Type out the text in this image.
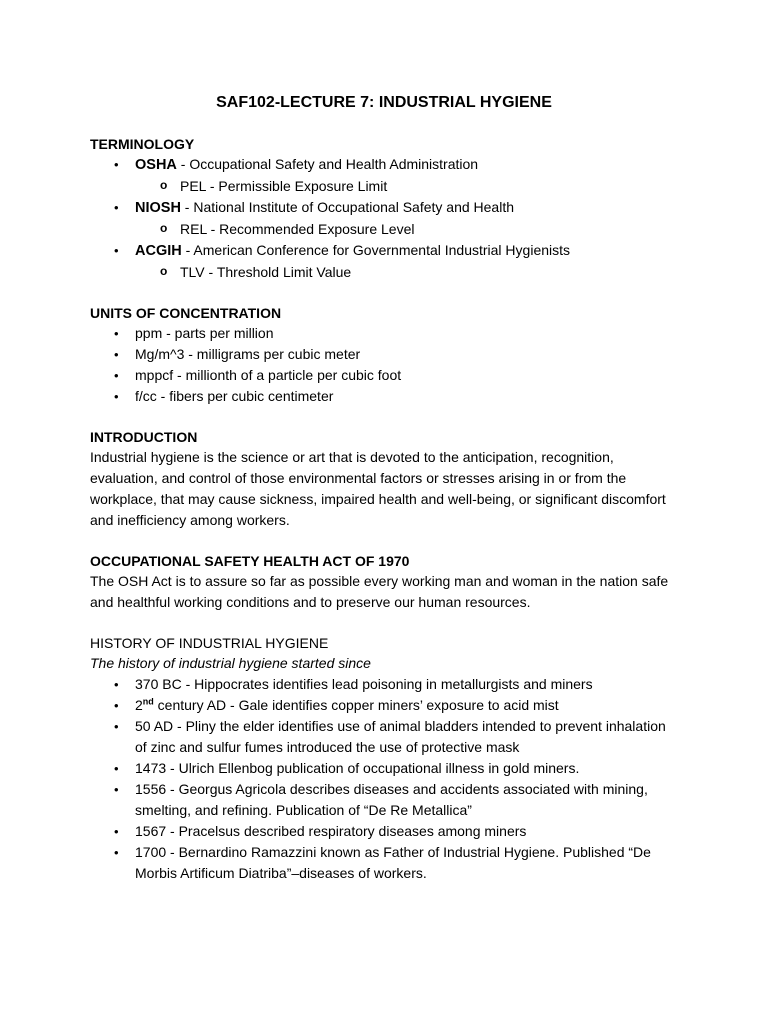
SAF102-LECTURE 7: INDUSTRIAL HYGIENE
TERMINOLOGY
• OSHA - Occupational Safety and Health Administration
o PEL - Permissible Exposure Limit
• NIOSH - National Institute of Occupational Safety and Health
o REL - Recommended Exposure Level
• ACGIH - American Conference for Governmental Industrial Hygienists
o TLV - Threshold Limit Value
UNITS OF CONCENTRATION
• ppm - parts per million
• Mg/m^3 - milligrams per cubic meter
• mppcf - millionth of a particle per cubic foot
• f/cc - fibers per cubic centimeter
INTRODUCTION

Industrial hygiene is the science or art that is devoted to the anticipation, recognition, evaluation, and control of those environmental factors or stresses arising in or from the workplace, that may cause sickness, impaired health and well-being, or significant discomfort and inefficiency among workers.

OCCUPATIONAL SAFETY HEALTH ACT OF 1970

The OSH Act is to assure so far as possible every working man and woman in the nation safe and healthful working conditions and to preserve our human resources.

HISTORY OF INDUSTRIAL HYGIENE

The history of industrial hygiene started since

• 370 BC - Hippocrates identifies lead poisoning in metallurgists and miners
• 2nd century AD - Gale identifies copper miners’ exposure to acid mist
• 50 AD - Pliny the elder identifies use of animal bladders intended to prevent inhalation of zinc and sulfur fumes introduced the use of protective mask
• 1473 - Ulrich Ellenbog publication of occupational illness in gold miners.
• 1556 - Georgus Agricola describes diseases and accidents associated with mining, smelting, and refining. Publication of “De Re Metallica”
• 1567 - Pracelsus described respiratory diseases among miners
• 1700 - Bernardino Ramazzini known as Father of Industrial Hygiene. Published “De Morbis Artificum Diatriba”–diseases of workers.
